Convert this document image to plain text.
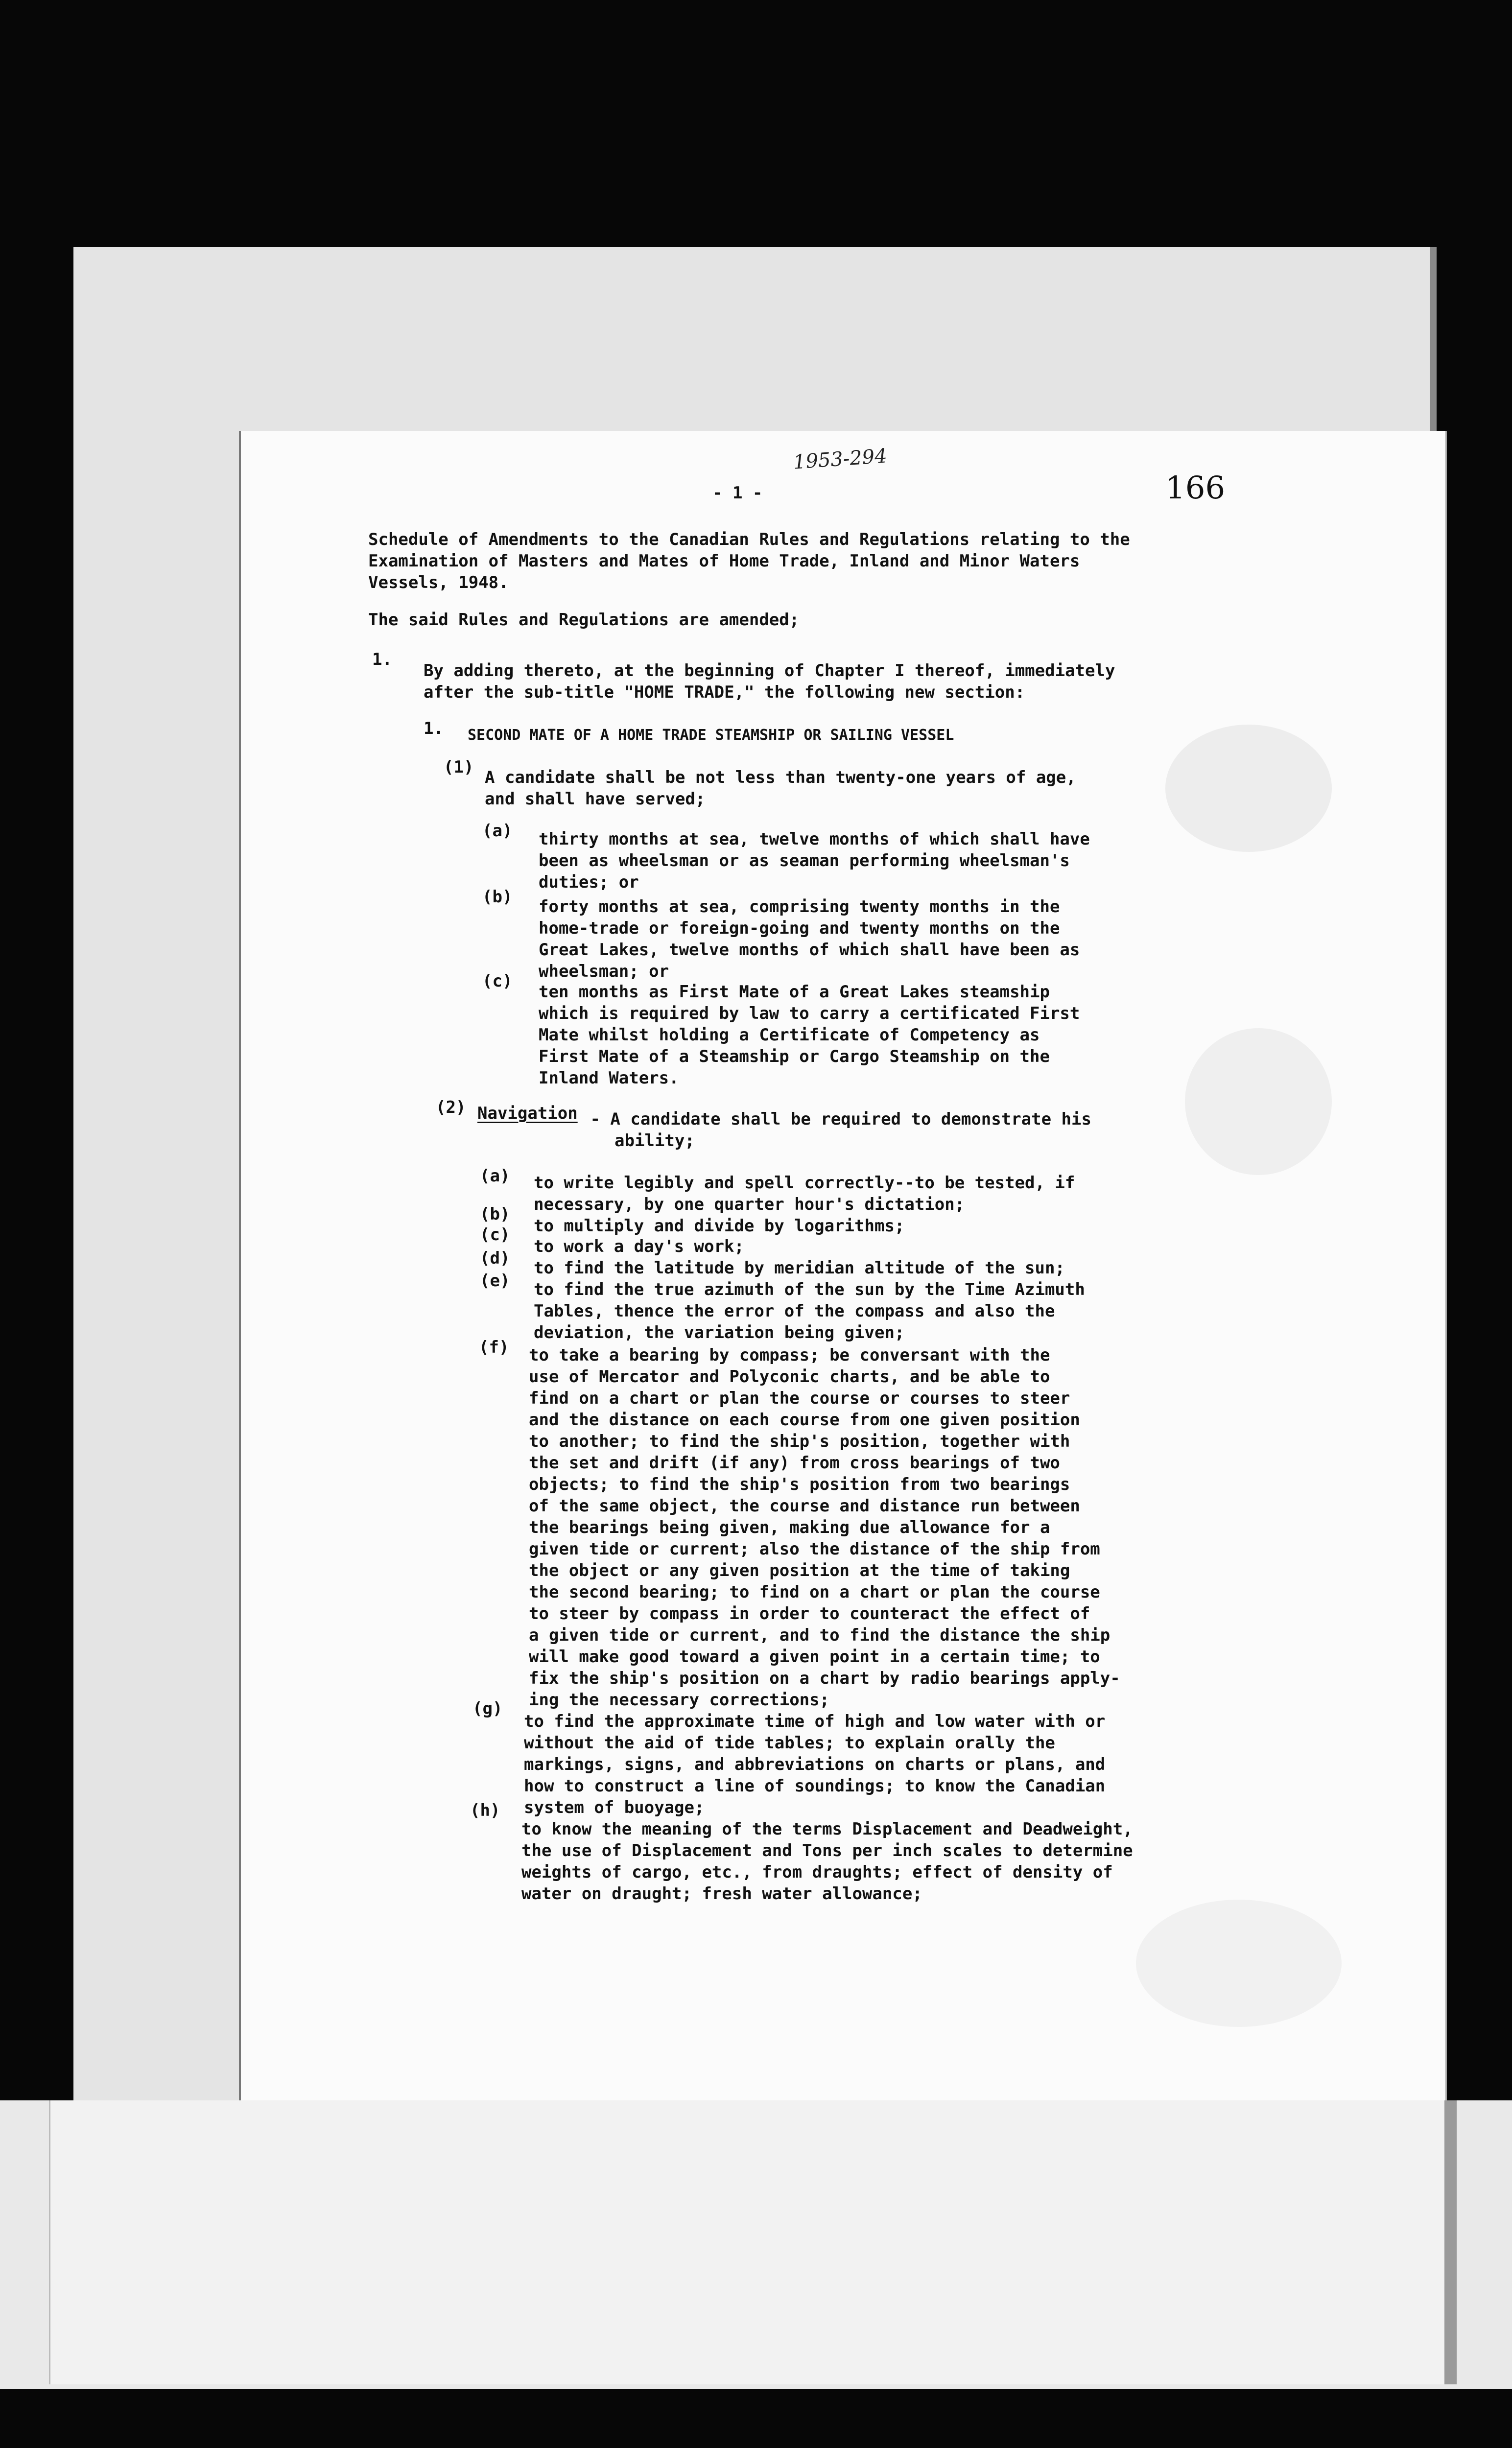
1953-294
- 1 -	166
Schedule of Amendments to the Canadian Rules and Regulations relating to the
Examination of Masters and Mates of Home Trade, Inland and Minor Waters
Vessels, 1948.
The said Rules and Regulations are amended;
1.
By adding thereto, at the beginning of Chapter I thereof, immediately
after the sub-title "HOME TRADE," the following new section:
1. SECOND MATE OF A HOME TRADE STEAMSHIP OR SAILING VESSEL
(1)
A candidate shall be not less than twenty-one years of age,
and shall have served;
(a) thirty months at sea, twelve months of which shall have
been as wheelsman or as seaman performing wheelsman's
duties; or
(b) forty months at sea, comprising twenty months in the
home-trade or foreign-going and twenty months on the
Great Lakes, twelve months of which shall have been as
wheelsman; or
(c)
ten months as First Mate of a Great Lakes steamship
which is required by law to carry a certificated First
Mate whilst holding a Certificate of Competency as
First Mate of a Steamship or Cargo Steamship on the
Inland Waters.
(2) Navigation - A candidate shall be required to demonstrate his
ability;
(a) to write legibly and spell correctly--to be tested, if
necessary, by one quarter hour's dictation;
(b)
to multiply and divide by logarithms;
(c)
to work a day's work;
(d) to find the latitude by meridian altitude of the sun;
(e) to find the true azimuth of the sun by the Time Azimuth
Tables, thence the error of the compass and also the
deviation, the variation being given;
(f) to take a bearing by compass; be conversant with the
use of Mercator and Polyconic charts, and be able to
find on a chart or plan the course or courses to steer
and the distance on each course from one given position
to another; to find the ship's position, together with
the set and drift (if any) from cross bearings of two
objects; to find the ship's position from two bearings
of the same object, the course and distance run between
the bearings being given, making due allowance for a
given tide or current; also the distance of the ship from
the object or any given position at the time of taking
the second bearing; to find on a chart or plan the course
to steer by compass in order to counteract the effect of
a given tide or current, and to find the distance the ship
will make good toward a given point in a certain time; to
fix the ship's position on a chart by radio bearings apply-
ing the necessary corrections;
(g)
to find the approximate time of high and low water with or
without the aid of tide tables; to explain orally the
markings, signs, and abbreviations on charts or plans, and
how to construct a line of soundings; to know the Canadian
system of buoyage;
(h)
to know the meaning of the terms Displacement and Deadweight,
the use of Displacement and Tons per inch scales to determine
weights of cargo, etc., from draughts; effect of density of
water on draught; fresh water allowance;
